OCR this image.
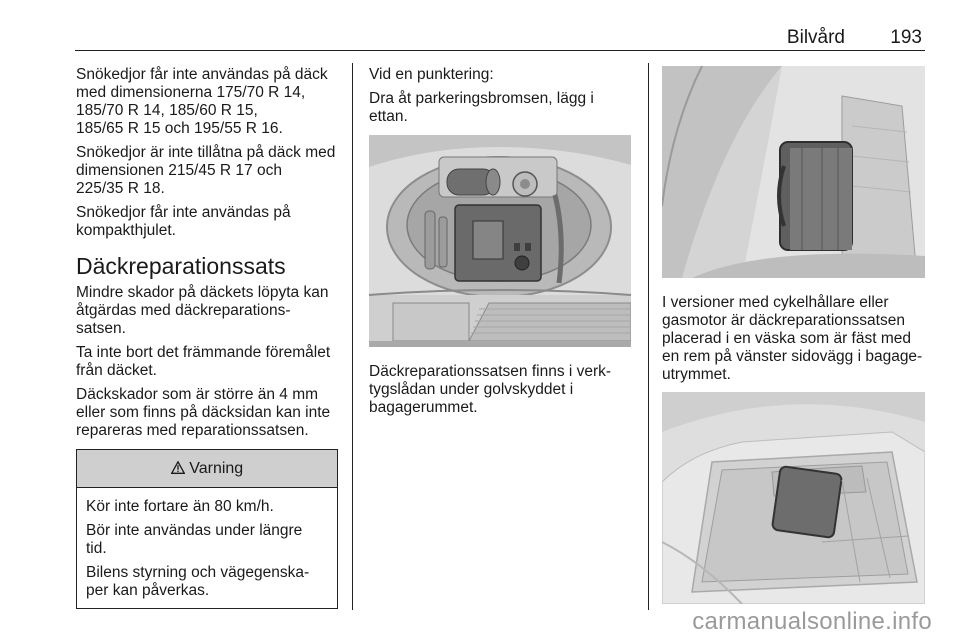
Bilvård 193

Snökedjor får inte användas på däck
med dimensionerna 175/70 R 14,
185/70 R 14, 185/60 R 15,
185/65 R 15 och 195/55 R 16.

Snökedjor är inte tillåtna på däck med
dimensionen 215/45 R 17 och
225/35 R 18.

Snökedjor får inte användas på
kompakthjulet.

Däckreparationssats

Mindre skador på däckets löpyta kan
åtgärdas med däckreparations-
satsen.

Ta inte bort det främmande föremålet
från däcket.

Däckskador som är större än 4 mm
eller som finns på däcksidan kan inte
repareras med reparationssatsen.

Varning

Kör inte fortare än 80 km/h.

Bör inte användas under längre
tid.

Bilens styrning och vägegenska-
per kan påverkas.

Vid en punktering:

Dra åt parkeringsbromsen, lägg i
ettan.

Däckreparationssatsen finns i verk-
tygslådan under golvskyddet i
bagagerummet.

I versioner med cykelhållare eller
gasmotor är däckreparationssatsen
placerad i en väska som är fäst med
en rem på vänster sidovägg i bagage-
utrymmet.

carmanualsonline.info
